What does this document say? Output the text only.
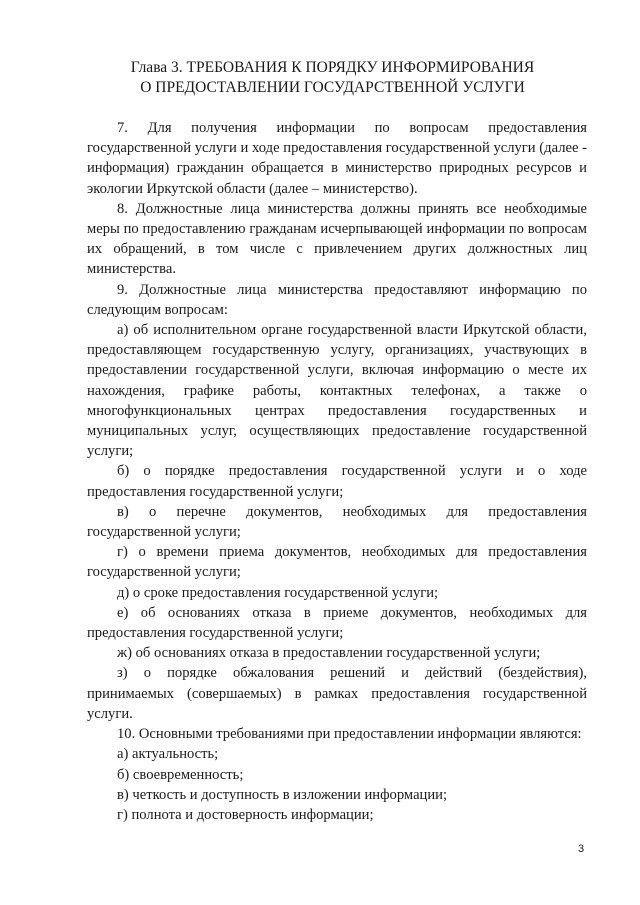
Глава 3. ТРЕБОВАНИЯ К ПОРЯДКУ ИНФОРМИРОВАНИЯ
О ПРЕДОСТАВЛЕНИИ ГОСУДАРСТВЕННОЙ УСЛУГИ

7. Для получения информации по вопросам предоставления государственной услуги и ходе предоставления государственной услуги (далее - информация) гражданин обращается в министерство природных ресурсов и экологии Иркутской области (далее – министерство).

8. Должностные лица министерства должны принять все необходимые меры по предоставлению гражданам исчерпывающей информации по вопросам их обращений, в том числе с привлечением других должностных лиц министерства.

9. Должностные лица министерства предоставляют информацию по следующим вопросам:

а) об исполнительном органе государственной власти Иркутской области, предоставляющем государственную услугу, организациях, участвующих в предоставлении государственной услуги, включая информацию о месте их нахождения, графике работы, контактных телефонах, а также о многофункциональных центрах предоставления государственных и муниципальных услуг, осуществляющих предоставление государственной услуги;

б) о порядке предоставления государственной услуги и о ходе предоставления государственной услуги;

в) о перечне документов, необходимых для предоставления государственной услуги;

г) о времени приема документов, необходимых для предоставления государственной услуги;

д) о сроке предоставления государственной услуги;

е) об основаниях отказа в приеме документов, необходимых для предоставления государственной услуги;

ж) об основаниях отказа в предоставлении государственной услуги;

з) о порядке обжалования решений и действий (бездействия), принимаемых (совершаемых) в рамках предоставления государственной услуги.

10. Основными требованиями при предоставлении информации являются:

а) актуальность;

б) своевременность;

в) четкость и доступность в изложении информации;

г) полнота и достоверность информации;

3
